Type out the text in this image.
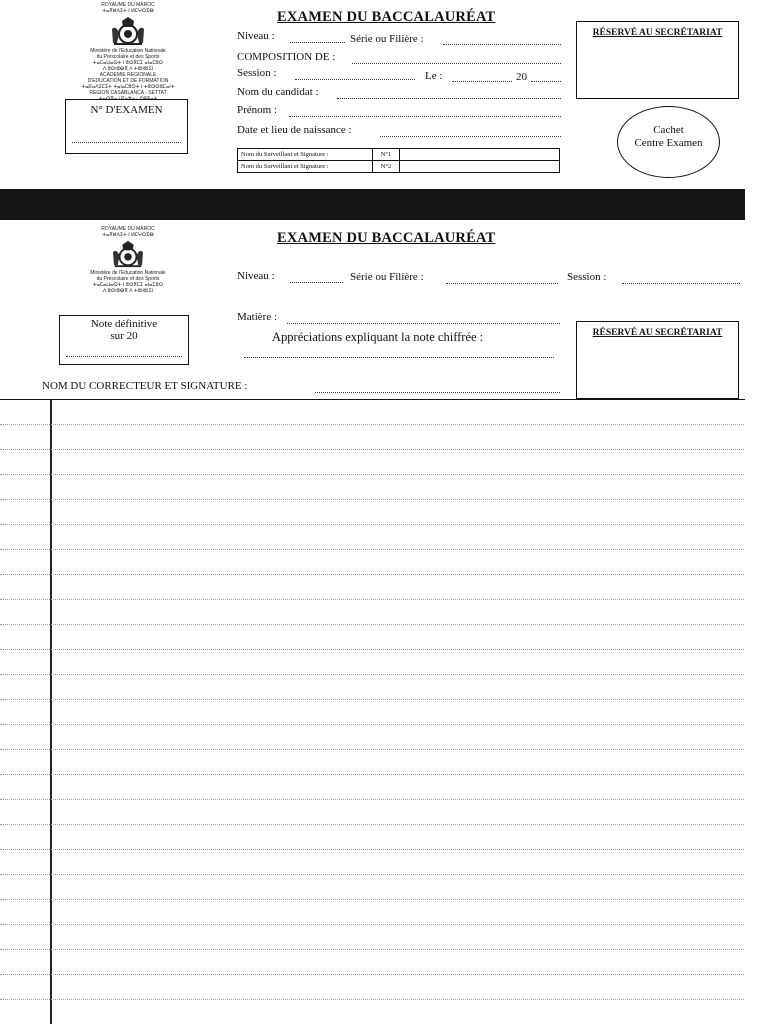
ROYAUME DU MAROC
ⵜⴰⴳⵍⴷⵉⵜ ⵏ ⵍⵎⵖⵔⵉⴱ
Ministère de l'Education Nationale
du Préscolaire et des Sports
ⵜⴰⵎⴰⵡⴰⵙⵜ ⵏ ⵓⵙⴳⵎⵉ ⴰⵏⴰⵎⵓⵔ
ⴷ ⵓⵙⵏⵓⴱⴳ ⴷ ⵜⵓⵏⵏⵓⵏⵉⵏ
ACADEMIE REGIONALE
D'EDUCATION ET DE FORMATION
ⵜⴰⴽⴰⴷⵉⵎⵉⵜ ⵜⴰⵏⴰⵎⵓⵔⵜ ⵏ ⵜⵓⵙⵙⵓⵎⴰⵏⵜ
REGION CASABLANCA - SETTAT
ⵜⴰⵙⴳⴰ ⵏ ⴽⴰⵣⴰ - ⵙⵟⵟⴰⵜ
N° D'EXAMEN
EXAMEN DU BACCALAURÉAT
Niveau :	Série ou Filière :
COMPOSITION DE :
Session :	Le :	20
Nom du candidat :
Prénom :
Date et lieu de naissance :
Nom du Surveillant et Signature :	N°1	
Nom du Surveillant et Signature :	N°2	
RÉSERVÉ AU SECRÉTARIAT
Cachet
Centre Examen
ROYAUME DU MAROC
ⵜⴰⴳⵍⴷⵉⵜ ⵏ ⵍⵎⵖⵔⵉⴱ
Ministère de l'Education Nationale
du Préscolaire et des Sports
ⵜⴰⵎⴰⵡⴰⵙⵜ ⵏ ⵓⵙⴳⵎⵉ ⴰⵏⴰⵎⵓⵔ
ⴷ ⵓⵙⵏⵓⴱⴳ ⴷ ⵜⵓⵏⵏⵓⵏⵉⵏ
EXAMEN DU BACCALAURÉAT
Niveau :	Série ou Filière :	Session :
Matière :
Appréciations expliquant la note chiffrée :
Note définitive
sur 20	RÉSERVÉ AU SECRÉTARIAT
NOM DU CORRECTEUR ET SIGNATURE :
